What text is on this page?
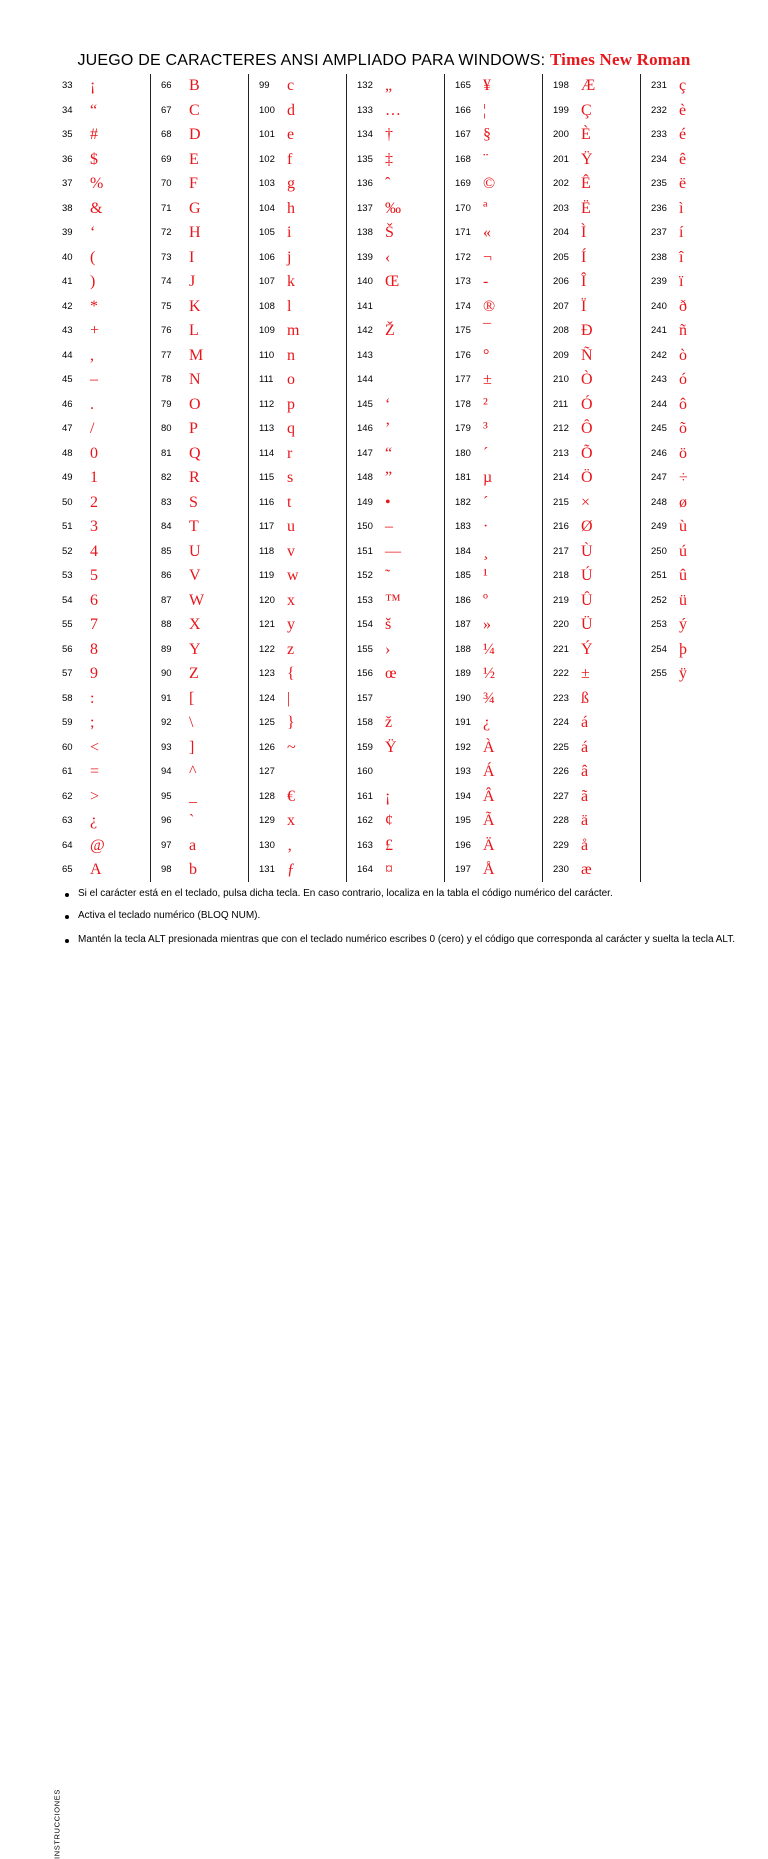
JUEGO DE CARACTERES ANSI AMPLIADO PARA WINDOWS: Times New Roman
33 ¡
34 “
35 #
36 $
37 %
38 &
39 ‘
40 (
41 )
42 *
43 +
44 ,
45 –
46 .
47 /
48 0
49 1
50 2
51 3
52 4
53 5
54 6
55 7
56 8
57 9
58 :
59 ;
60 <
61 =
62 >
63 ¿
64 @
65 A
66 B
67 C
68 D
69 E
70 F
71 G
72 H
73 I
74 J
75 K
76 L
77 M
78 N
79 O
80 P
81 Q
82 R
83 S
84 T
85 U
86 V
87 W
88 X
89 Y
90 Z
91 [
92 \
93 ]
94 ^
95 _
96 `
97 a
98 b
99 c
100 d
101 e
102 f
103 g
104 h
105 i
106 j
107 k
108 l
109 m
110 n
111 o
112 p
113 q
114 r
115 s
116 t
117 u
118 v
119 w
120 x
121 y
122 z
123 {
124 |
125 }
126 ~
127
128 €
129 x
130 ‚
131 ƒ
132 „
133 …
134 †
135 ‡
136 ˆ
137 ‰
138 Š
139 ‹
140 Œ
141
142 Ž
143
144
145 ‘
146 ’
147 “
148 ”
149 •
150 –
151 —
152 ˜
153 ™
154 š
155 ›
156 œ
157
158 ž
159 Ÿ
160
161 ¡
162 ¢
163 £
164 ¤
165 ¥
166 ¦
167 §
168 ¨
169 ©
170 ª
171 «
172 ¬
173 -
174 ®
175 ¯
176 °
177 ±
178 ²
179 ³
180 ´
181 µ
182 ´
183 ·
184 ¸
185 ¹
186 º
187 »
188 ¼
189 ½
190 ¾
191 ¿
192 À
193 Á
194 Â
195 Ã
196 Ä
197 Å
198 Æ
199 Ç
200 È
201 Ÿ
202 Ê
203 Ë
204 Ì
205 Í
206 Î
207 Ï
208 Đ
209 Ñ
210 Ò
211 Ó
212 Ô
213 Õ
214 Ö
215 ×
216 Ø
217 Ù
218 Ú
219 Û
220 Ü
221 Ý
222 ±
223 ß
224 á
225 á
226 â
227 ã
228 ä
229 å
230 æ
231 ç
232 è
233 é
234 ê
235 ë
236 ì
237 í
238 î
239 ï
240 ð
241 ñ
242 ò
243 ó
244 ô
245 õ
246 ö
247 ÷
248 ø
249 ù
250 ú
251 û
252 ü
253 ý
254 þ
255 ÿ
INSTRUCCIONES
Si el carácter está en el teclado, pulsa dicha tecla. En caso contrario, localiza en la tabla el código numérico del carácter.
Activa el teclado numérico (BLOQ NUM).
Mantén la tecla ALT presionada mientras que con el teclado numérico escribes 0 (cero) y el código que corresponda al carácter y suelta la tecla ALT.
